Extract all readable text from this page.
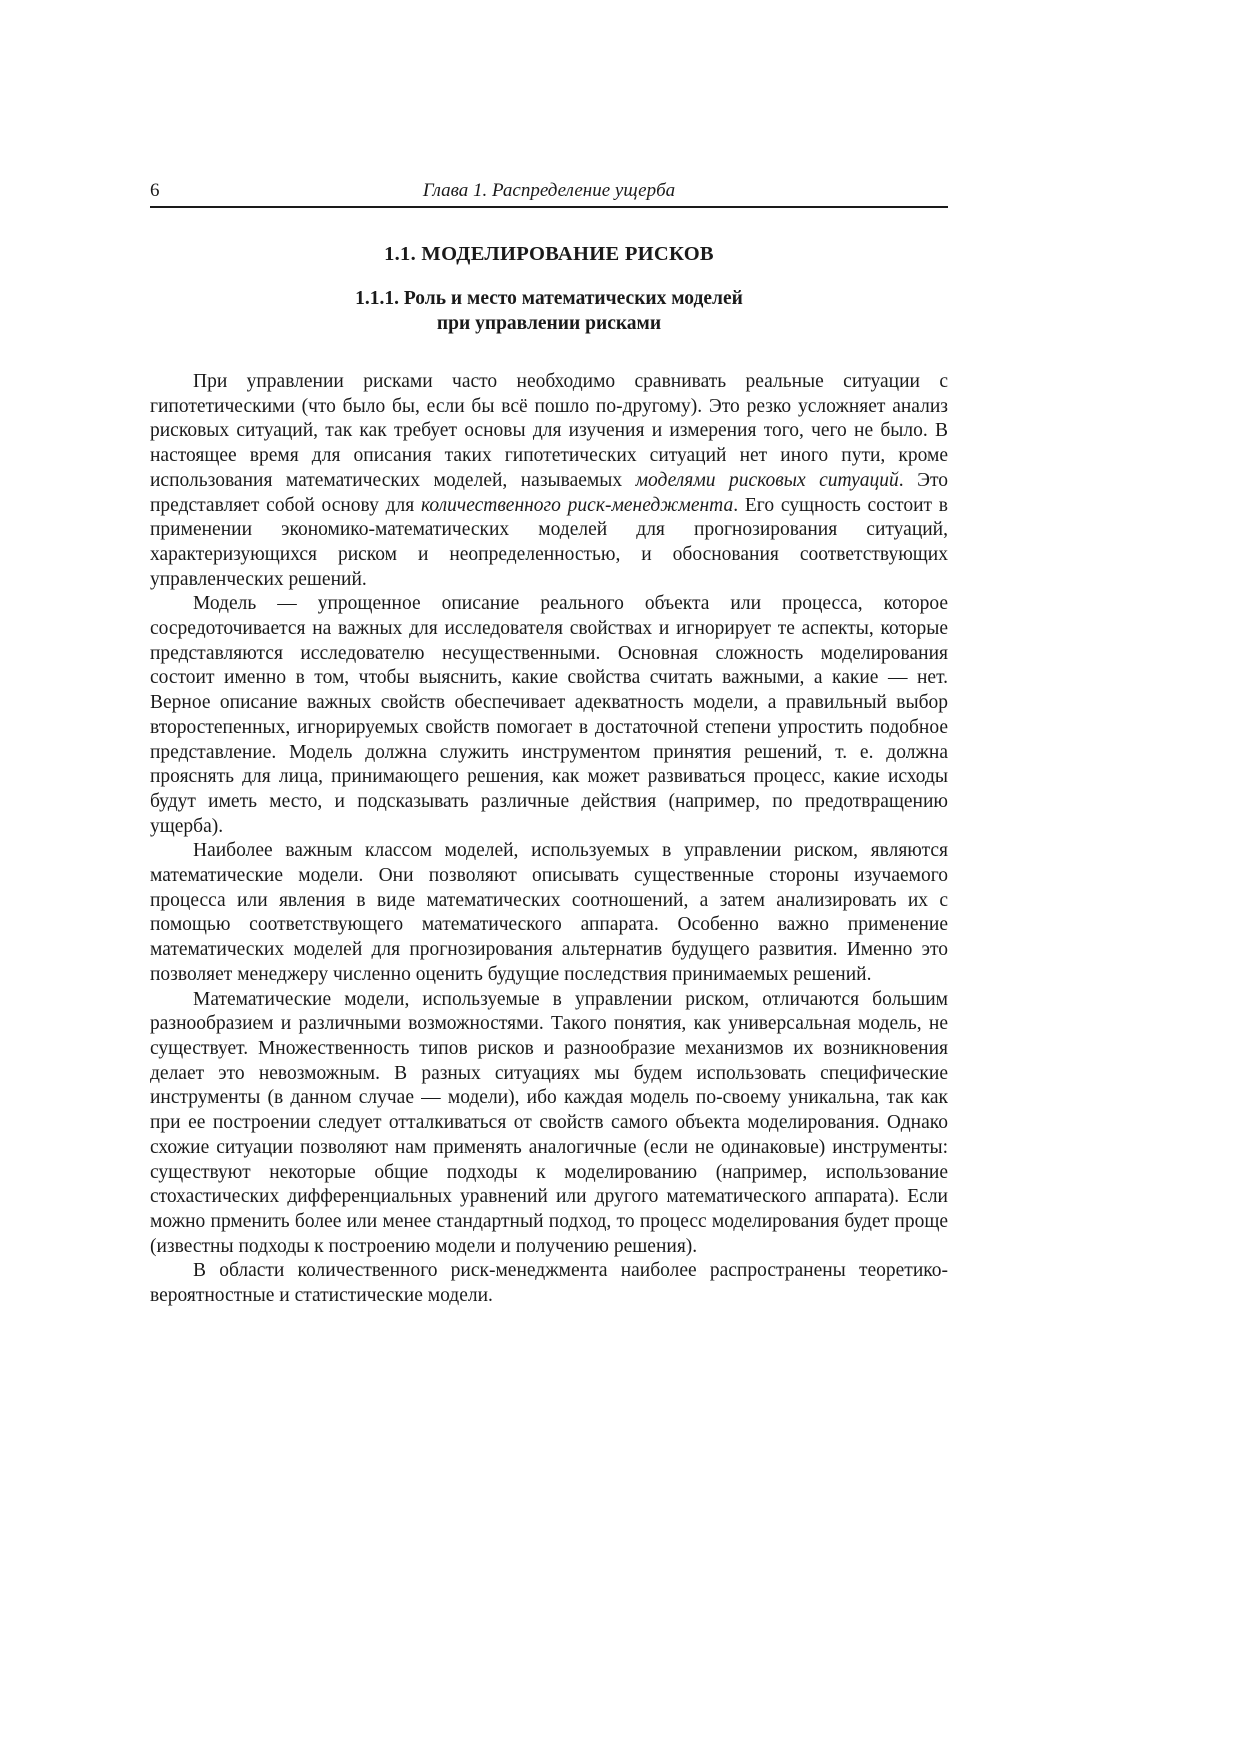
6	Глава 1. Распределение ущерба
1.1. МОДЕЛИРОВАНИЕ РИСКОВ
1.1.1. Роль и место математических моделей
при управлении рисками

При управлении рисками часто необходимо сравнивать реальные ситуации с гипотетическими (что было бы, если бы всё пошло по-другому). Это резко усложняет анализ рисковых ситуаций, так как требует основы для изучения и измерения того, чего не было. В настоящее время для описания таких гипотетических ситуаций нет иного пути, кроме использования математических моделей, называемых моделями рисковых ситуаций. Это представляет собой основу для количественного риск-менеджмента. Его сущность состоит в применении экономико-математических моделей для прогнозирования ситуаций, характеризующихся риском и неопределенностью, и обоснования соответствующих управленческих решений.

Модель — упрощенное описание реального объекта или процесса, которое сосредоточивается на важных для исследователя свойствах и игнорирует те аспекты, которые представляются исследователю несущественными. Основная сложность моделирования состоит именно в том, чтобы выяснить, какие свойства считать важными, а какие — нет. Верное описание важных свойств обеспечивает адекватность модели, а правильный выбор второстепенных, игнорируемых свойств помогает в достаточной степени упростить подобное представление. Модель должна служить инструментом принятия решений, т. е. должна прояснять для лица, принимающего решения, как может развиваться процесс, какие исходы будут иметь место, и подсказывать различные действия (например, по предотвращению ущерба).

Наиболее важным классом моделей, используемых в управлении риском, являются математические модели. Они позволяют описывать существенные стороны изучаемого процесса или явления в виде математических соотношений, а затем анализировать их с помощью соответствующего математического аппарата. Особенно важно применение математических моделей для прогнозирования альтернатив будущего развития. Именно это позволяет менеджеру численно оценить будущие последствия принимаемых решений.

Математические модели, используемые в управлении риском, отличаются большим разнообразием и различными возможностями. Такого понятия, как универсальная модель, не существует. Множественность типов рисков и разнообразие механизмов их возникновения делает это невозможным. В разных ситуациях мы будем использовать специфические инструменты (в данном случае — модели), ибо каждая модель по-своему уникальна, так как при ее построении следует отталкиваться от свойств самого объекта моделирования. Однако схожие ситуации позволяют нам применять аналогичные (если не одинаковые) инструменты: существуют некоторые общие подходы к моделированию (например, использование стохастических дифференциальных уравнений или другого математического аппарата). Если можно прменить более или менее стандартный подход, то процесс моделирования будет проще (известны подходы к построению модели и получению решения).

В области количественного риск-менеджмента наиболее распространены теоретико-вероятностные и статистические модели.
